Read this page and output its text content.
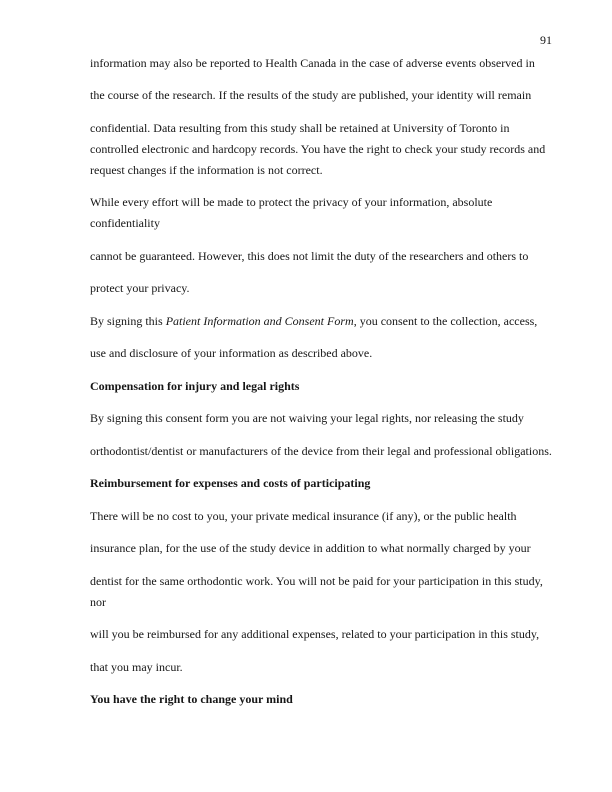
91
information may also be reported to Health Canada in the case of adverse events observed in
the course of the research. If the results of the study are published, your identity will remain
confidential. Data resulting from this study shall be retained at University of Toronto in
controlled electronic and hardcopy records. You have the right to check your study records and
request changes if the information is not correct.
While every effort will be made to protect the privacy of your information, absolute
confidentiality
cannot be guaranteed. However, this does not limit the duty of the researchers and others to
protect your privacy.
By signing this Patient Information and Consent Form, you consent to the collection, access,
use and disclosure of your information as described above.
Compensation for injury and legal rights
By signing this consent form you are not waiving your legal rights, nor releasing the study
orthodontist/dentist or manufacturers of the device from their legal and professional obligations.
Reimbursement for expenses and costs of participating
There will be no cost to you, your private medical insurance (if any), or the public health
insurance plan, for the use of the study device in addition to what normally charged by your
dentist for the same orthodontic work. You will not be paid for your participation in this study,
nor
will you be reimbursed for any additional expenses, related to your participation in this study,
that you may incur.
You have the right to change your mind
